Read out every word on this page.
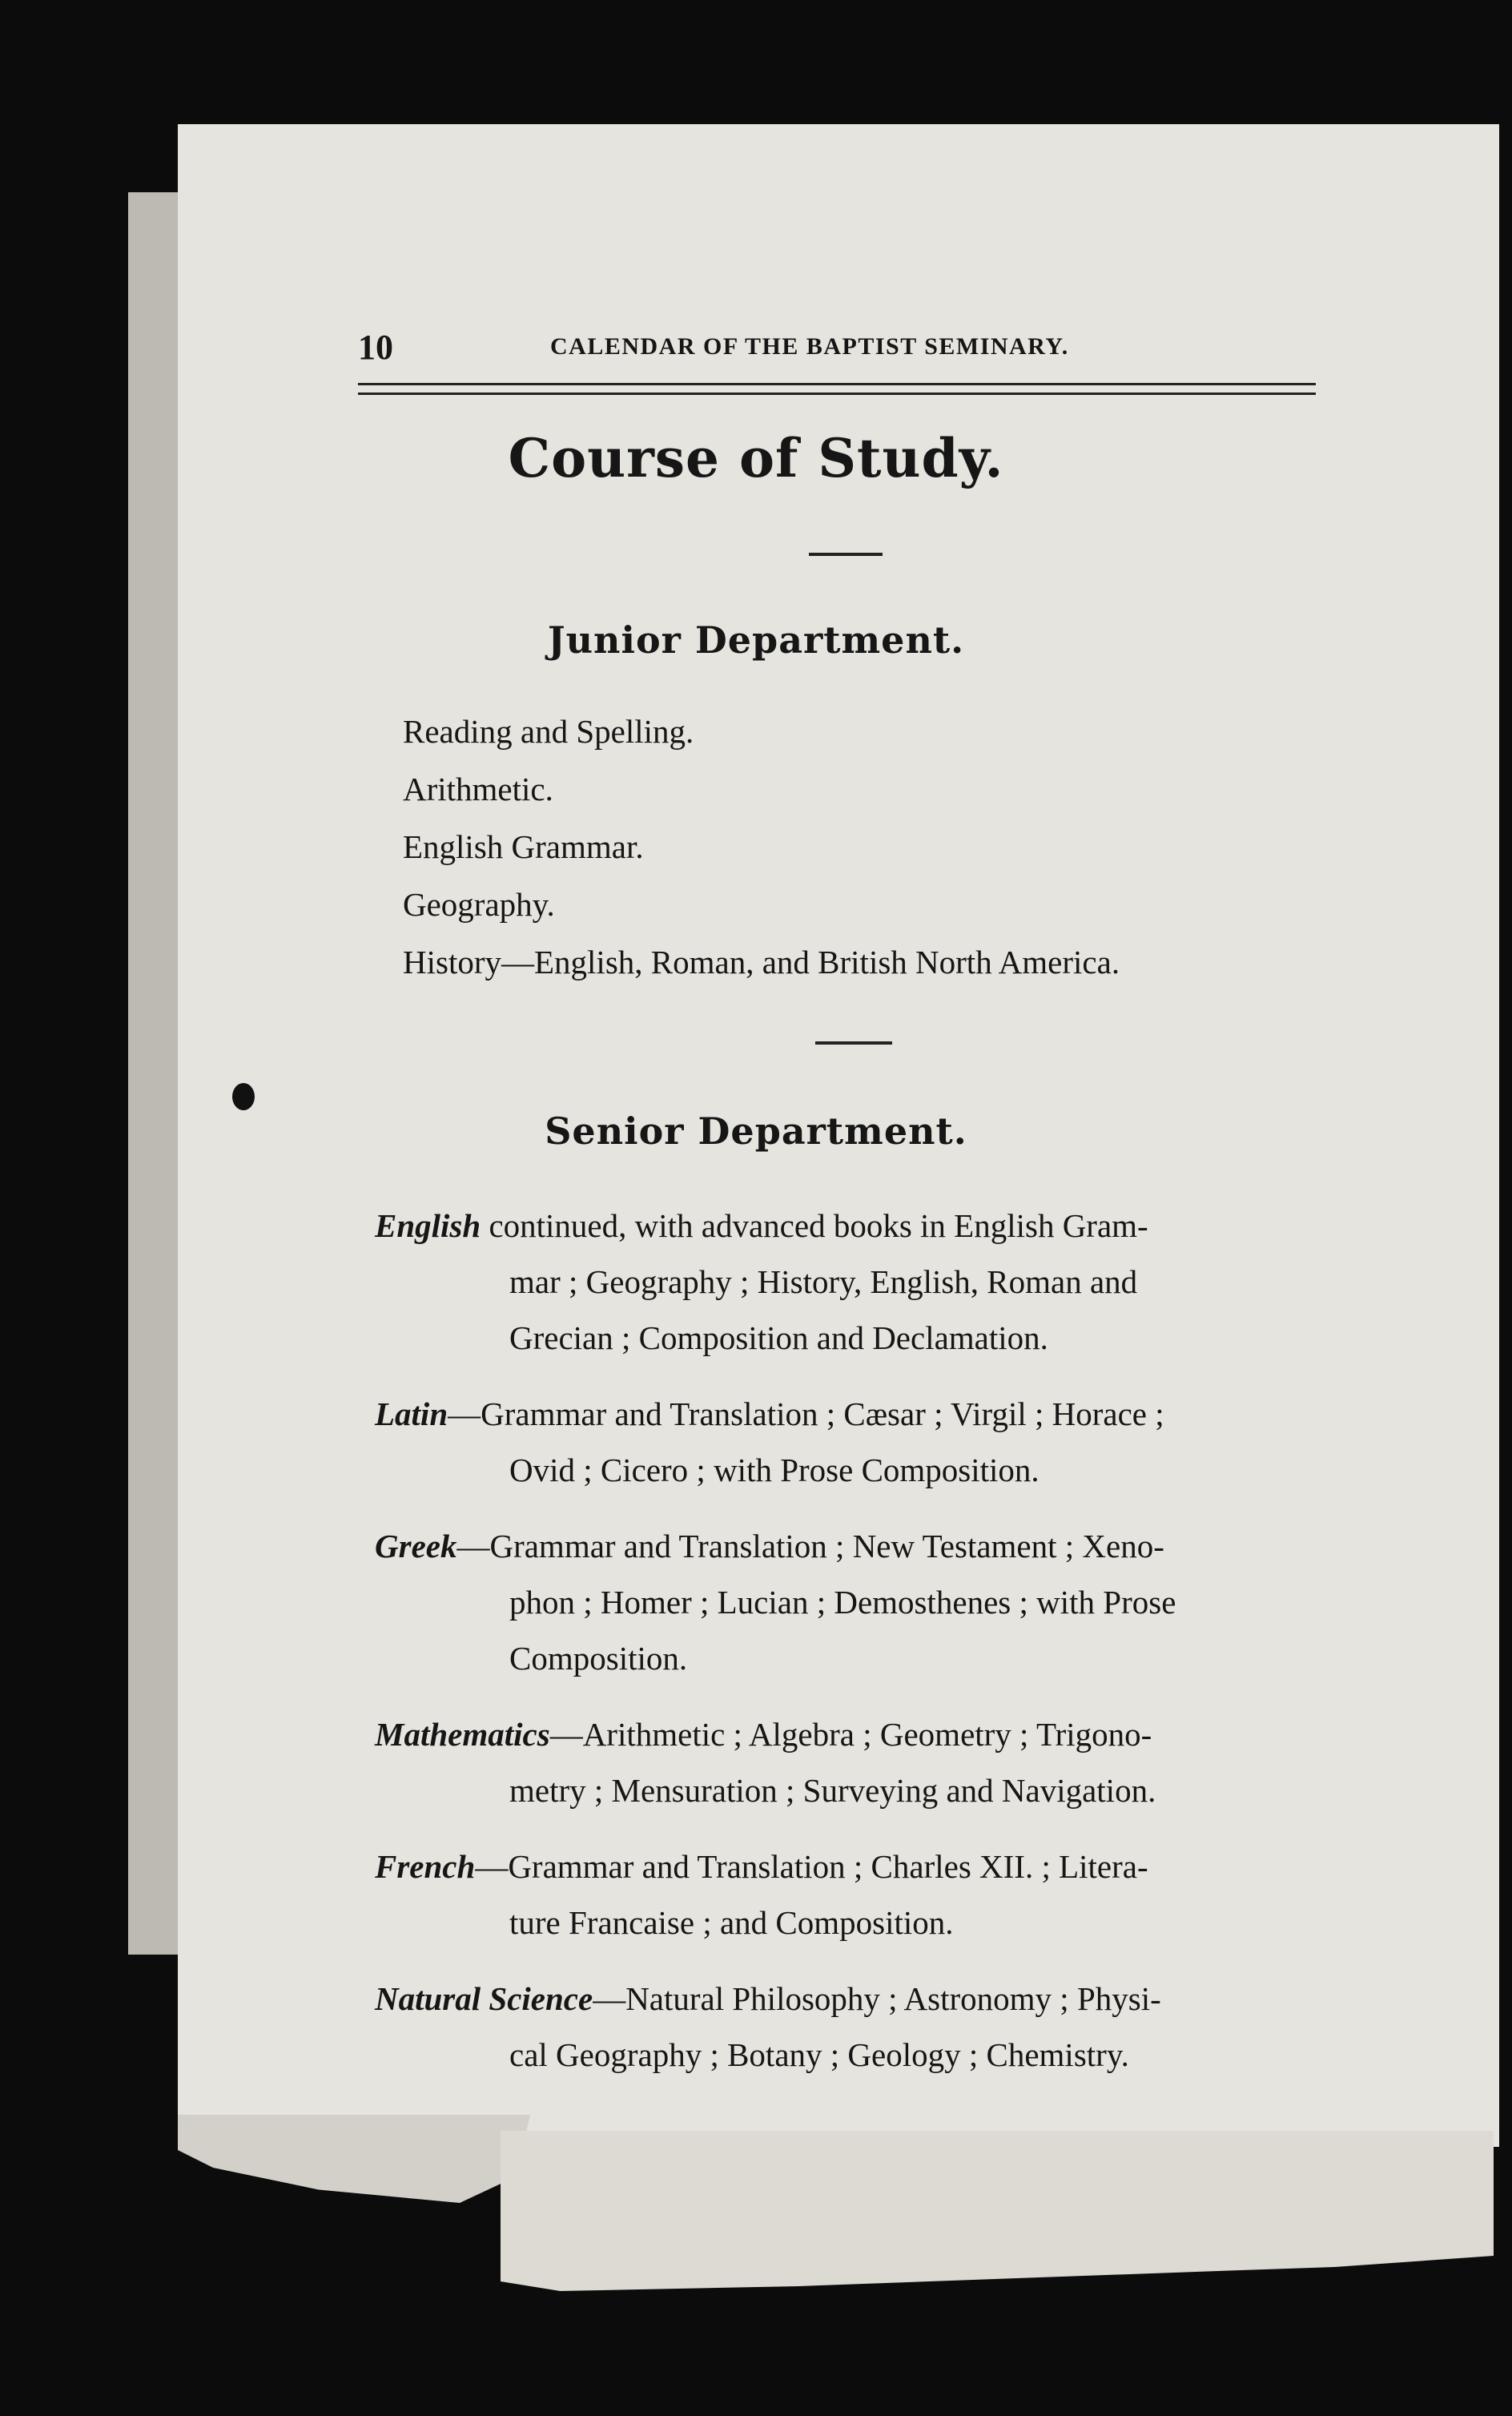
10	CALENDAR OF THE BAPTIST SEMINARY.
Course of Study.
Junior Department.
Reading and Spelling.
Arithmetic.
English Grammar.
Geography.
History—English, Roman, and British North America.
Senior Department.
English continued, with advanced books in English Gram-
mar ; Geography ; History, English, Roman and
Grecian ; Composition and Declamation.
Latin—Grammar and Translation ; Cæsar ; Virgil ; Horace ;
Ovid ; Cicero ; with Prose Composition.
Greek—Grammar and Translation ; New Testament ; Xeno-
phon ; Homer ; Lucian ; Demosthenes ; with Prose
Composition.
Mathematics—Arithmetic ; Algebra ; Geometry ; Trigono-
metry ; Mensuration ; Surveying and Navigation.
French—Grammar and Translation ; Charles XII. ; Litera-
ture Francaise ; and Composition.
Natural Science—Natural Philosophy ; Astronomy ; Physi-
cal Geography ; Botany ; Geology ; Chemistry.
